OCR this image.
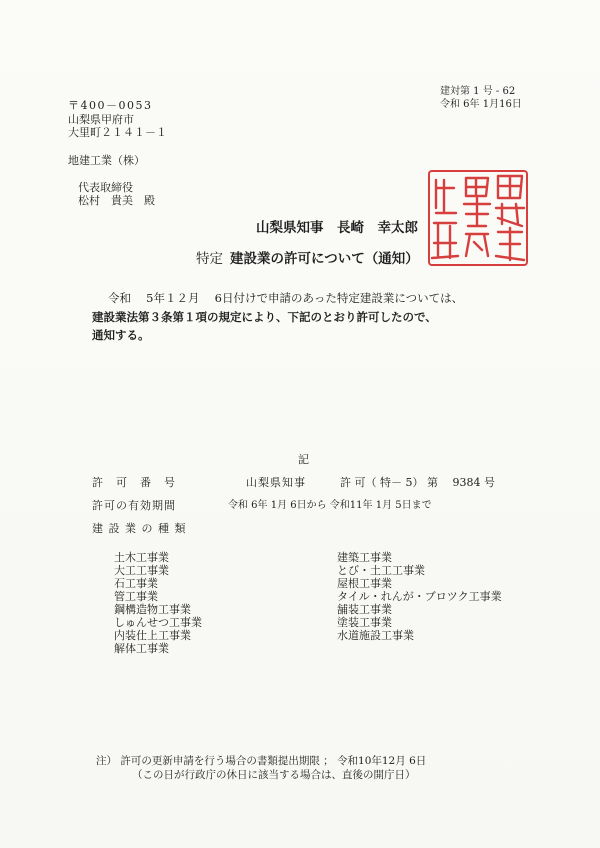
建対第 1 号 - 62
令和 6年 1月16日
〒400－0053
山梨県甲府市
大里町２１４１－１
地建工業（株）
代表取締役
松村　貴美　殿
山梨県知事　長崎　幸太郎
特定 建設業の許可について（通知）
令和　 5年１２月　 6日付けで申請のあった特定建設業については、
建設業法第３条第１項の規定により、下記のとおり許可したので、
通知する。
記
許　可　番　号	山梨県知事	許 可（ 特－ 5） 第　 9384 号
許可の有効期間	令和 6年 1月 6日から 令和11年 1月 5日まで
建 設 業 の 種 類
土木工事業
大工工事業
石工事業
管工事業
鋼構造物工事業
しゅんせつ工事業
内装仕上工事業
解体工事業
建築工事業
とび・土工工事業
屋根工事業
タイル・れんが・ブロツク工事業
舗装工事業
塗装工事業
水道施設工事業
注） 許可の更新申請を行う場合の書類提出期限 ； 令和10年12月 6日
（この日が行政庁の休日に該当する場合は、直後の開庁日）
